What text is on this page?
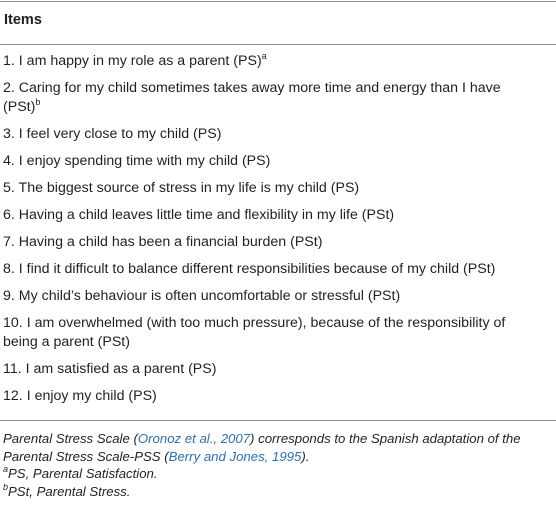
Items
1. I am happy in my role as a parent (PS)$^a$
2. Caring for my child sometimes takes away more time and energy than I have
(PSt)$^b$
3. I feel very close to my child (PS)
4. I enjoy spending time with my child (PS)
5. The biggest source of stress in my life is my child (PS)
6. Having a child leaves little time and flexibility in my life (PSt)
7. Having a child has been a financial burden (PSt)
8. I find it difficult to balance different responsibilities because of my child (PSt)
9. My child’s behaviour is often uncomfortable or stressful (PSt)
10. I am overwhelmed (with too much pressure), because of the responsibility of
being a parent (PSt)
11. I am satisfied as a parent (PS)
12. I enjoy my child (PS)
Parental Stress Scale (Oronoz et al., 2007) corresponds to the Spanish adaptation of the
Parental Stress Scale-PSS (Berry and Jones, 1995).
$^a$PS, Parental Satisfaction.
$^b$PSt, Parental Stress.
